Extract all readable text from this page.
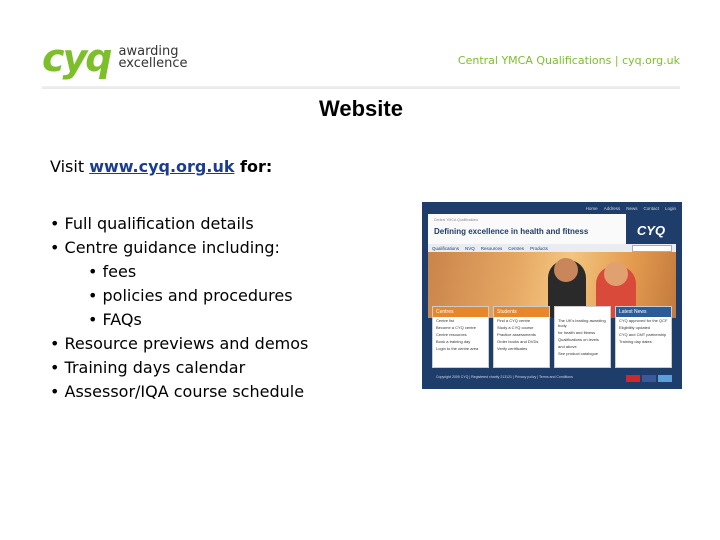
cyq awarding
excellence	Central YMCA Qualifications | cyq.org.uk
Website
Visit www.cyq.org.uk for:
• Full qualification details
• Centre guidance including:
• fees
• policies and procedures
• FAQs
• Resource previews and demos
• Training days calendar
• Assessor/IQA course schedule
Home Address News Contact Login
Central YMCA Qualifications
Defining excellence in health and fitness	CYQ
Qualifications NVQ Resources Centres Products
Centres
Centre list
Become a CYQ centre
Centre resources
Book a training day
Login to the centre area
Students
Find a CYQ centre
Study a CYQ course
Practice assessments
Order books and DVDs
Verify certificates
The UK's leading awarding body
for health and fitness
Qualifications on levels
and above
See product catalogue
Latest News
CYQ approved for the QCF
Eligibility updated
CYQ and CMT partnership
Training day dates
Copyright 2009 CYQ | Registered charity 213121 | Privacy policy | Terms and Conditions
